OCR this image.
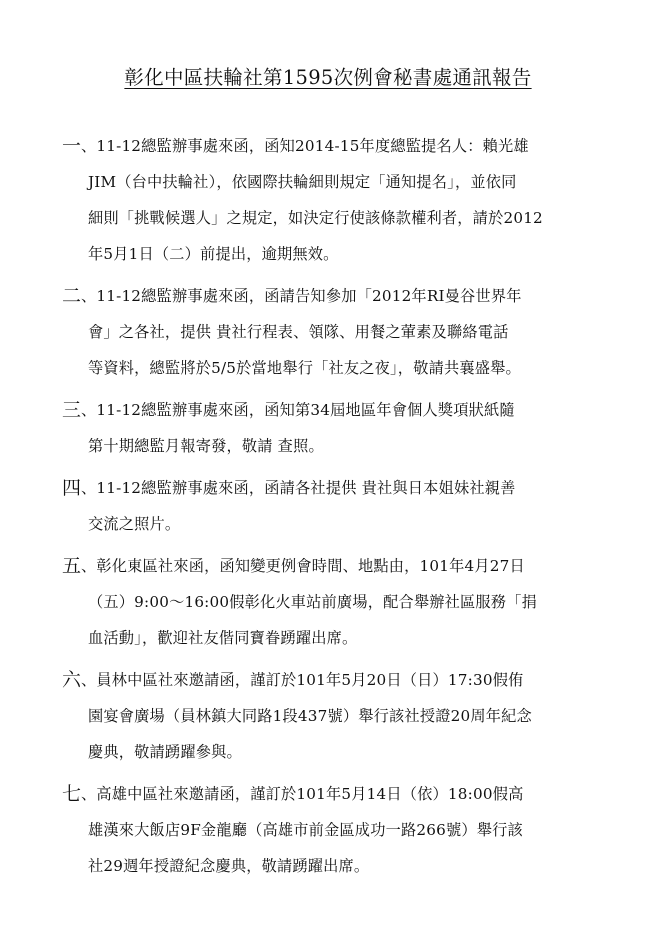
彰化中區扶輪社第1595次例會秘書處通訊報告
一 、11-12總監辦事處來函，函知2014-15年度總監提名人：賴光雄
JIM（台中扶輪社），依國際扶輪細則規定「通知提名」，並依同
細則「挑戰候選人」之規定，如決定行使該條款權利者，請於2012
年5月1日（二）前提出，逾期無效。
二 、11-12總監辦事處來函，函請告知參加「2012年RI曼谷世界年
會」之各社，提供 貴社行程表、領隊、用餐之葷素及聯絡電話
等資料，總監將於5/5於當地舉行「社友之夜」，敬請共襄盛舉。
三 、11-12總監辦事處來函，函知第34屆地區年會個人獎項狀紙隨
第十期總監月報寄發，敬請 查照。
四 、11-12總監辦事處來函，函請各社提供 貴社與日本姐妹社親善
交流之照片。
五 、彰化東區社來函，函知變更例會時間、地點由，101年4月27日
（五）9:00～16:00假彰化火車站前廣場，配合舉辦社區服務「捐
血活動」，歡迎社友偕同寶眷踴躍出席。
六 、員林中區社來邀請函，謹訂於101年5月20日（日）17:30假侑
園宴會廣場（員林鎮大同路1段437號）舉行該社授證20周年紀念
慶典，敬請踴躍參與。
七 、高雄中區社來邀請函，謹訂於101年5月14日（依）18:00假高
雄漢來大飯店9F金龍廳（高雄市前金區成功一路266號）舉行該
社29週年授證紀念慶典，敬請踴躍出席。
